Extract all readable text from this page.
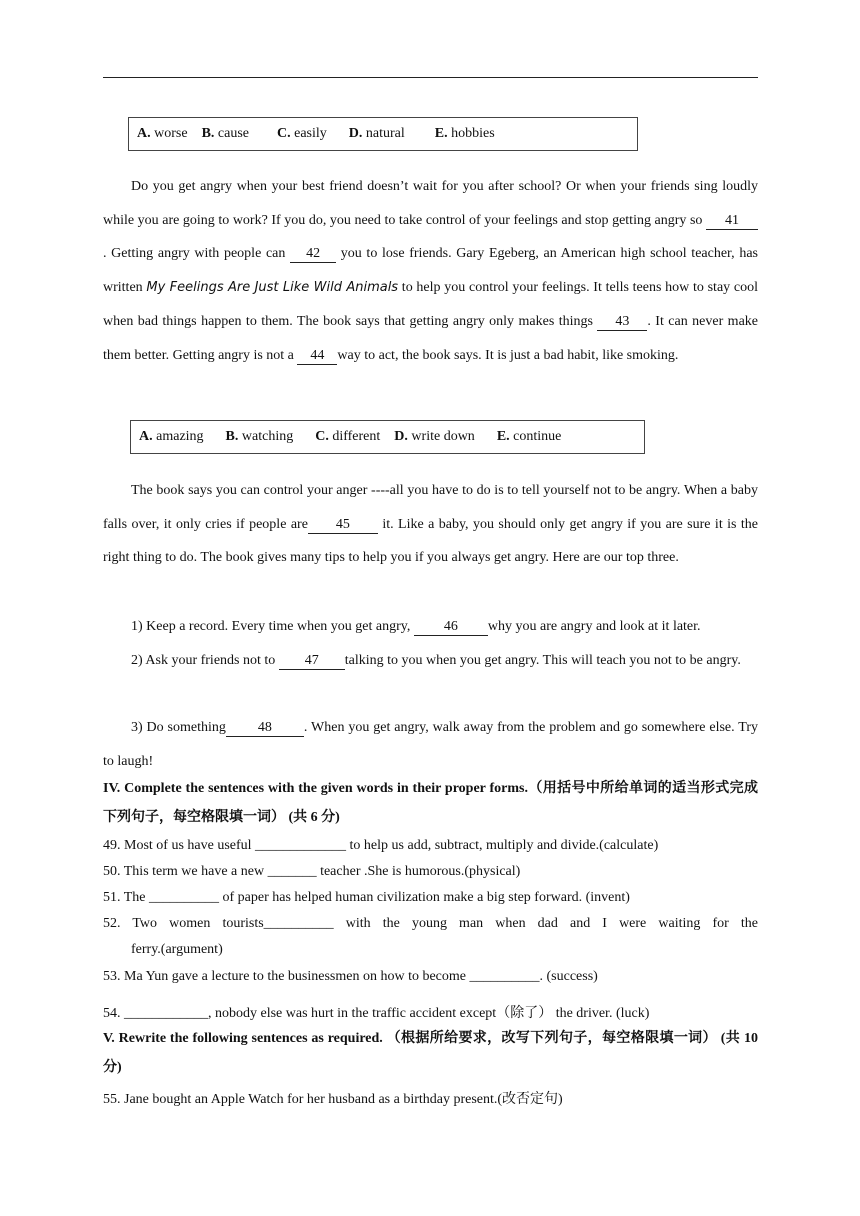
A. worse B. cause C. easily D. natural E. hobbies
Do you get angry when your best friend doesn’t wait for you after school? Or when your friends sing loudly while you are going to work? If you do, you need to take control of your feelings and stop getting angry so 41. Getting angry with people can 42 you to lose friends. Gary Egeberg, an American high school teacher, has written My Feelings Are Just Like Wild Animals to help you control your feelings. It tells teens how to stay cool when bad things happen to them. The book says that getting angry only makes things 43 . It can never make them better. Getting angry is not a 44 way to act, the book says. It is just a bad habit, like smoking.
A. amazing B. watching C. different D. write down E. continue
The book says you can control your anger ----all you have to do is to tell yourself not to be angry. When a baby falls over, it only cries if people are 45 it. Like a baby, you should only get angry if you are sure it is the right thing to do. The book gives many tips to help you if you always get angry. Here are our top three.
1) Keep a record. Every time when you get angry, 46 why you are angry and look at it later.
2) Ask your friends not to 47 talking to you when you get angry. This will teach you not to be angry.
3) Do something 48 . When you get angry, walk away from the problem and go somewhere else. Try to laugh!
IV. Complete the sentences with the given words in their proper forms.（用括号中所给单词的适当形式完成下列句子，每空格限填一词） (共 6 分)
49. Most of us have useful _____________ to help us add, subtract, multiply and divide.(calculate)
50. This term we have a new _______ teacher .She is humorous.(physical)
51. The __________ of paper has helped human civilization make a big step forward. (invent)
52. Two women tourists__________ with the young man when dad and I were waiting for the
ferry.(argument)
53. Ma Yun gave a lecture to the businessmen on how to become __________. (success)
54. ____________, nobody else was hurt in the traffic accident except（除了） the driver. (luck)
V. Rewrite the following sentences as required. （根据所给要求，改写下列句子，每空格限填一词） (共 10 分)
55. Jane bought an Apple Watch for her husband as a birthday present.(改否定句)
